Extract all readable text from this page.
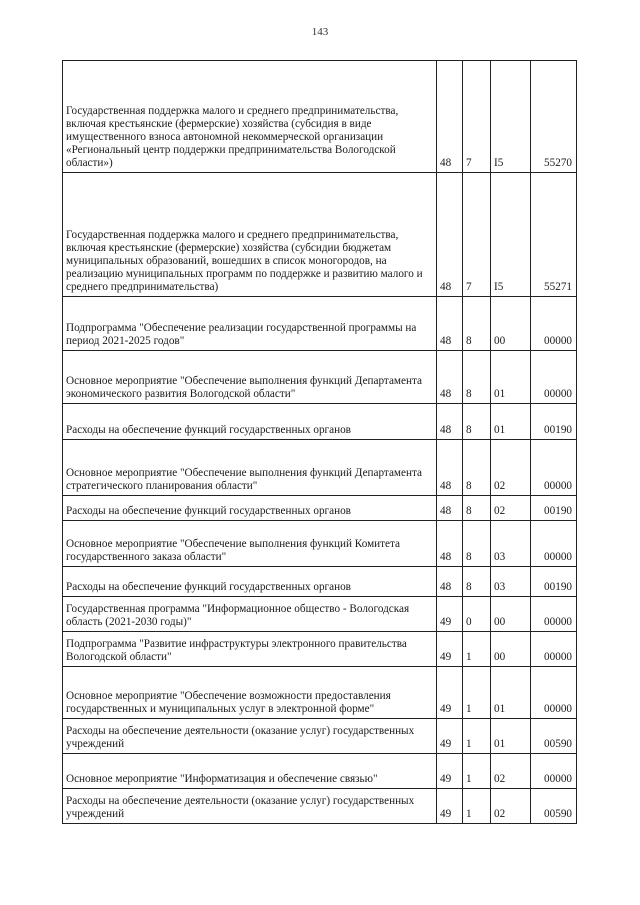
143
Государственная поддержка малого и среднего предпринимательства, включая крестьянские (фермерские) хозяйства (субсидия в виде имущественного взноса автономной некоммерческой организации «Региональный центр поддержки предпринимательства Вологодской области»)	48	7	I5	55270
Государственная поддержка малого и среднего предпринимательства, включая крестьянские (фермерские) хозяйства (субсидии бюджетам муниципальных образований, вошедших в список моногородов, на реализацию муниципальных программ по поддержке и развитию малого и среднего предпринимательства)	48	7	I5	55271
Подпрограмма "Обеспечение реализации государственной программы на период 2021-2025 годов"	48	8	00	00000
Основное мероприятие "Обеспечение выполнения функций Департамента экономического развития Вологодской области"	48	8	01	00000
Расходы на обеспечение функций государственных органов	48	8	01	00190
Основное мероприятие "Обеспечение выполнения функций Департамента стратегического планирования области"	48	8	02	00000
Расходы на обеспечение функций государственных органов	48	8	02	00190
Основное мероприятие "Обеспечение выполнения функций Комитета государственного заказа области"	48	8	03	00000
Расходы на обеспечение функций государственных органов	48	8	03	00190
Государственная программа "Информационное общество - Вологодская область (2021-2030 годы)"	49	0	00	00000
Подпрограмма "Развитие инфраструктуры электронного правительства Вологодской области"	49	1	00	00000
Основное мероприятие "Обеспечение возможности предоставления государственных и муниципальных услуг в электронной форме"	49	1	01	00000
Расходы на обеспечение деятельности (оказание услуг) государственных учреждений	49	1	01	00590
Основное мероприятие "Информатизация и обеспечение связью"	49	1	02	00000
Расходы на обеспечение деятельности (оказание услуг) государственных учреждений	49	1	02	00590
